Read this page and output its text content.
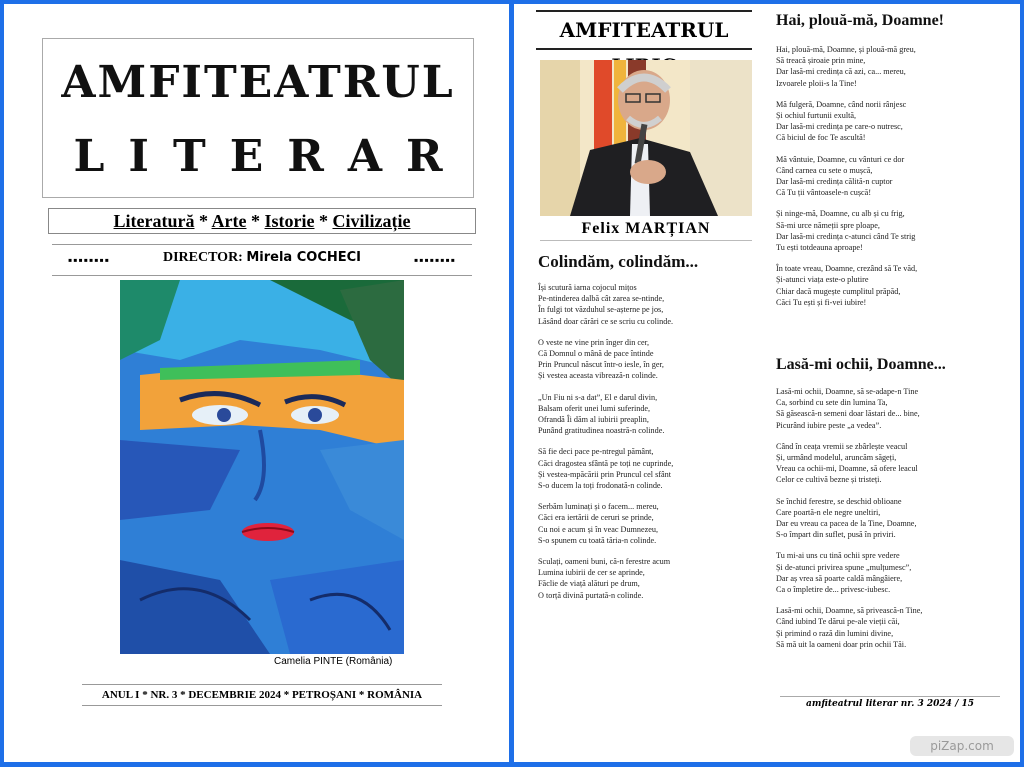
AMFITEATRUL
LITERAR
Literatură * Arte * Istorie * Civilizație
▪▪▪▪▪▪▪▪	DIRECTOR: Mirela COCHECI	▪▪▪▪▪▪▪▪
Camelia PINTE (România)
ANUL I * NR. 3 * DECEMBRIE 2024 * PETROȘANI * ROMÂNIA
AMFITEATRUL
Felix MARȚIAN
Colindăm, colindăm...
Își scutură iarna cojocul mițos
Pe-ntinderea dalbă cât zarea se-ntinde,
În fulgi tot văzduhul se-așterne pe jos,
Lăsând doar cărări ce se scriu cu colinde.
O veste ne vine prin înger din cer,
Că Domnul o mână de pace întinde
Prin Pruncul născut într-o iesle, în ger,
Și vestea aceasta vibrează-n colinde.
„Un Fiu ni s-a dat”, El e darul divin,
Balsam oferit unei lumi suferinde,
Ofrandă Îi dăm al iubirii preaplin,
Punând gratitudinea noastră-n colinde.
Să fie deci pace pe-ntregul pământ,
Căci dragostea sfântă pe toți ne cuprinde,
Și vestea-mpăcării prin Pruncul cel sfânt
S-o ducem la toți frodonată-n colinde.
Serbăm luminați și o facem... mereu,
Căci era iertării de ceruri se prinde,
Cu noi e acum și în veac Dumnezeu,
S-o spunem cu toată tăria-n colinde.
Sculați, oameni buni, că-n ferestre acum
Lumina iubirii de cer se aprinde,
Făclie de viață alături pe drum,
O torță divină purtată-n colinde.
Hai, plouă-mă, Doamne!
Hai, plouă-mă, Doamne, și plouă-mă greu,
Să treacă șiroaie prin mine,
Dar lasă-mi credința că azi, ca... mereu,
Izvoarele ploii-s la Tine!
Mă fulgeră, Doamne, când norii rânjesc
Și ochiul furtunii exultă,
Dar lasă-mi credința pe care-o nutresc,
Că biciul de foc Te ascultă!
Mă vântuie, Doamne, cu vânturi ce dor
Când carnea cu sete o mușcă,
Dar lasă-mi credința călită-n cuptor
Că Tu ții vântoasele-n cușcă!
Și ninge-mă, Doamne, cu alb și cu frig,
Să-mi urce nămeții spre ploape,
Dar lasă-mi credința c-atunci când Te strig
Tu ești totdeauna aproape!
În toate vreau, Doamne, crezând să Te văd,
Și-atunci viața este-o plutire
Chiar dacă mugește cumplitul prăpăd,
Căci Tu ești și fi-vei iubire!
Lasă-mi ochii, Doamne...
Lasă-mi ochii, Doamne, să se-adape-n Tine
Ca, sorbind cu sete din lumina Ta,
Să găsească-n semeni doar lăstari de... bine,
Picurând iubire peste „a vedea”.
Când în ceața vremii se zbârlește veacul
Și, urmând modelul, aruncăm săgeți,
Vreau ca ochii-mi, Doamne, să ofere leacul
Celor ce cultivă bezne și tristeți.
Se închid ferestre, se deschid oblioane
Care poartă-n ele negre uneltiri,
Dar eu vreau ca pacea de la Tine, Doamne,
S-o împart din suflet, pusă în priviri.
Tu mi-ai uns cu tină ochii spre vedere
Și de-atunci privirea spune „mulțumesc”,
Dar aș vrea să poarte caldă mângâiere,
Ca o împletire de... privesc-iubesc.
Lasă-mi ochii, Doamne, să privească-n Tine,
Când iubind Te dărui pe-ale vieții căi,
Și primind o rază din lumini divine,
Să mă uit la oameni doar prin ochii Tăi.
amfiteatrul literar nr. 3 2024 / 15
piZap.com
